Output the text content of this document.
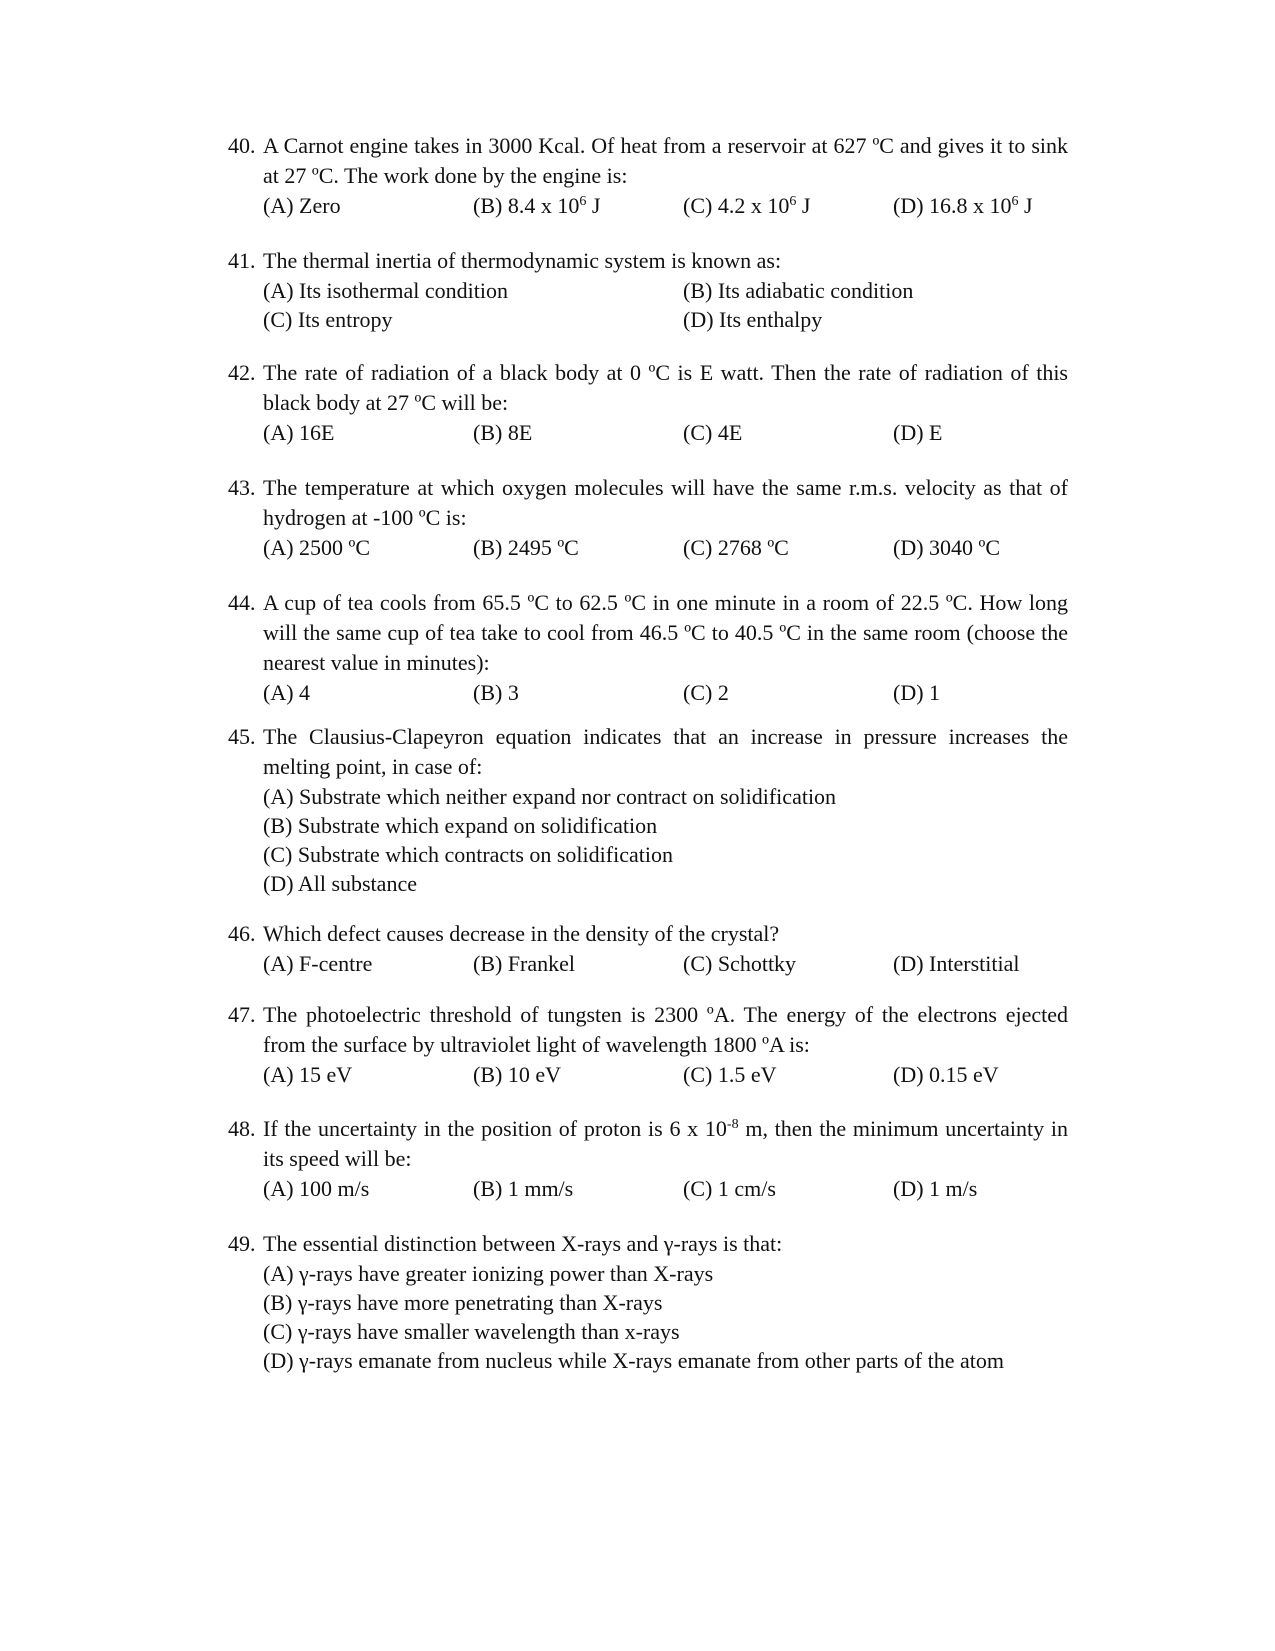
40. A Carnot engine takes in 3000 Kcal. Of heat from a reservoir at 627 ºC and gives it to sink at 27 ºC. The work done by the engine is:
(A) Zero	(B) 8.4 x $10^6$ J	(C) 4.2 x $10^6$ J	(D) 16.8 x $10^6$ J
41. The thermal inertia of thermodynamic system is known as:
(A) Its isothermal condition	(B) Its adiabatic condition
(C) Its entropy	(D) Its enthalpy
42. The rate of radiation of a black body at 0 ºC is E watt. Then the rate of radiation of this black body at 27 ºC will be:
(A) 16E	(B) 8E	(C) 4E	(D) E
43. The temperature at which oxygen molecules will have the same r.m.s. velocity as that of hydrogen at -100 ºC is:
(A) 2500 ºC	(B) 2495 ºC	(C) 2768 ºC	(D) 3040 ºC
44. A cup of tea cools from 65.5 ºC to 62.5 ºC in one minute in a room of 22.5 ºC. How long will the same cup of tea take to cool from 46.5 ºC to 40.5 ºC in the same room (choose the nearest value in minutes):
(A) 4	(B) 3	(C) 2	(D) 1
45. The Clausius-Clapeyron equation indicates that an increase in pressure increases the melting point, in case of:
(A) Substrate which neither expand nor contract on solidification
(B) Substrate which expand on solidification
(C) Substrate which contracts on solidification
(D) All substance
46. Which defect causes decrease in the density of the crystal?
(A) F-centre	(B) Frankel	(C) Schottky	(D) Interstitial
47. The photoelectric threshold of tungsten is 2300 ºA. The energy of the electrons ejected from the surface by ultraviolet light of wavelength 1800 ºA is:
(A) 15 eV	(B) 10 eV	(C) 1.5 eV	(D) 0.15 eV
48. If the uncertainty in the position of proton is 6 x $10^{-8}$ m, then the minimum uncertainty in its speed will be:
(A) 100 m/s	(B) 1 mm/s	(C) 1 cm/s	(D) 1 m/s
49. The essential distinction between X-rays and γ-rays is that:
(A) γ-rays have greater ionizing power than X-rays
(B) γ-rays have more penetrating than X-rays
(C) γ-rays have smaller wavelength than x-rays
(D) γ-rays emanate from nucleus while X-rays emanate from other parts of the atom
